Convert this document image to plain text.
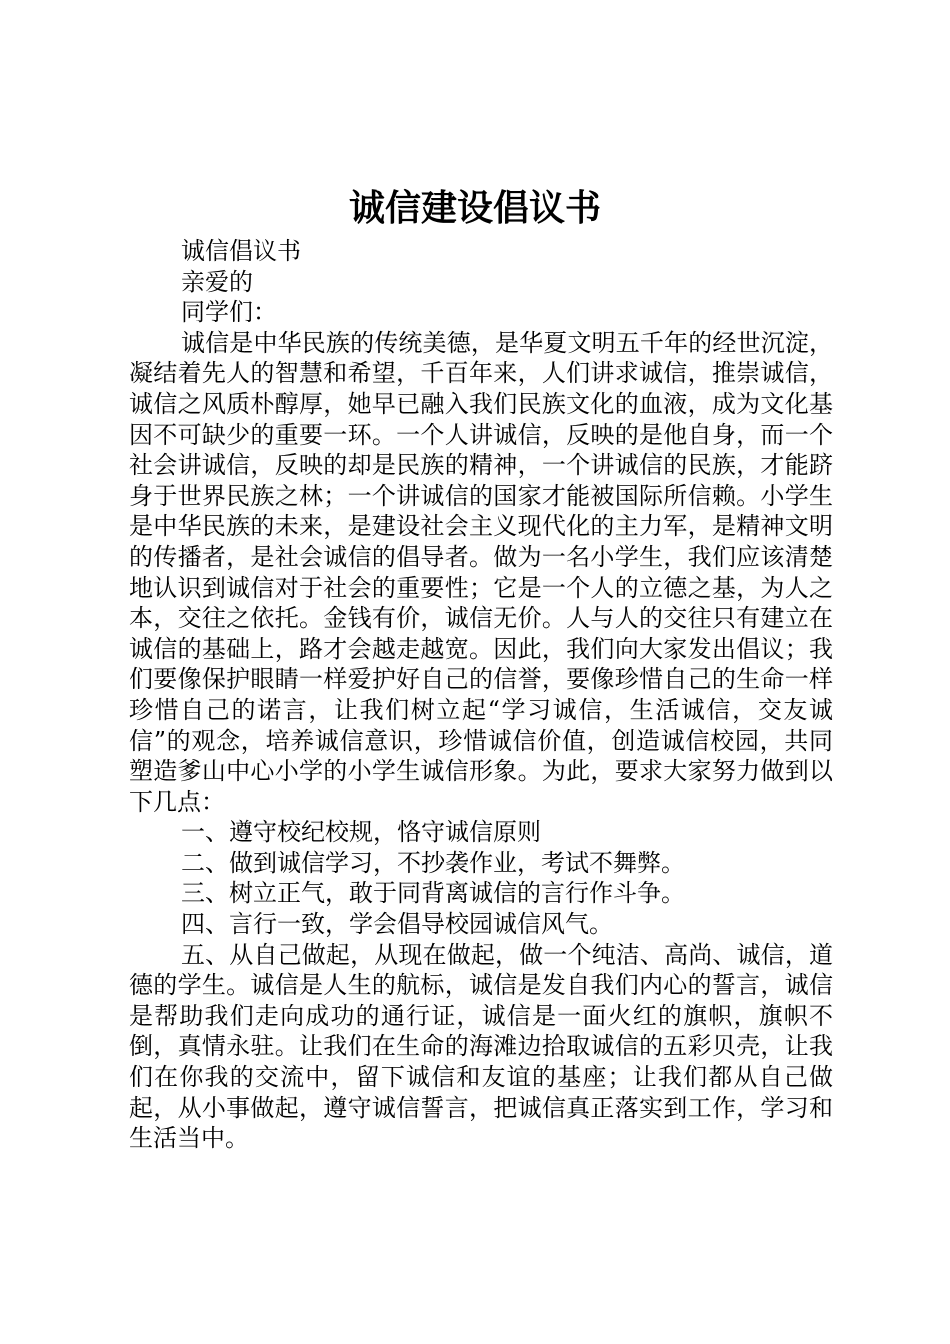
诚信建设倡议书

诚信倡议书

亲爱的

同学们：

诚信是中华民族的传统美德，是华夏文明五千年的经世沉淀，凝结着先人的智慧和希望，千百年来，人们讲求诚信，推崇诚信，诚信之风质朴醇厚，她早已融入我们民族文化的血液，成为文化基因不可缺少的重要一环。一个人讲诚信，反映的是他自身，而一个社会讲诚信，反映的却是民族的精神，一个讲诚信的民族，才能跻身于世界民族之林；一个讲诚信的国家才能被国际所信赖。小学生是中华民族的未来，是建设社会主义现代化的主力军，是精神文明的传播者，是社会诚信的倡导者。做为一名小学生，我们应该清楚地认识到诚信对于社会的重要性；它是一个人的立德之基，为人之本，交往之依托。金钱有价，诚信无价。人与人的交往只有建立在诚信的基础上，路才会越走越宽。因此，我们向大家发出倡议；我们要像保护眼睛一样爱护好自己的信誉，要像珍惜自己的生命一样珍惜自己的诺言，让我们树立起“学习诚信，生活诚信，交友诚信”的观念，培养诚信意识，珍惜诚信价值，创造诚信校园，共同塑造爹山中心小学的小学生诚信形象。为此，要求大家努力做到以下几点：

一、遵守校纪校规，恪守诚信原则

二、做到诚信学习，不抄袭作业，考试不舞弊。

三、树立正气，敢于同背离诚信的言行作斗争。

四、言行一致，学会倡导校园诚信风气。

五、从自己做起，从现在做起，做一个纯洁、高尚、诚信，道德的学生。诚信是人生的航标，诚信是发自我们内心的誓言，诚信是帮助我们走向成功的通行证，诚信是一面火红的旗帜，旗帜不倒，真情永驻。让我们在生命的海滩边拾取诚信的五彩贝壳，让我们在你我的交流中，留下诚信和友谊的基座；让我们都从自己做起，从小事做起，遵守诚信誓言，把诚信真正落实到工作，学习和生活当中。
